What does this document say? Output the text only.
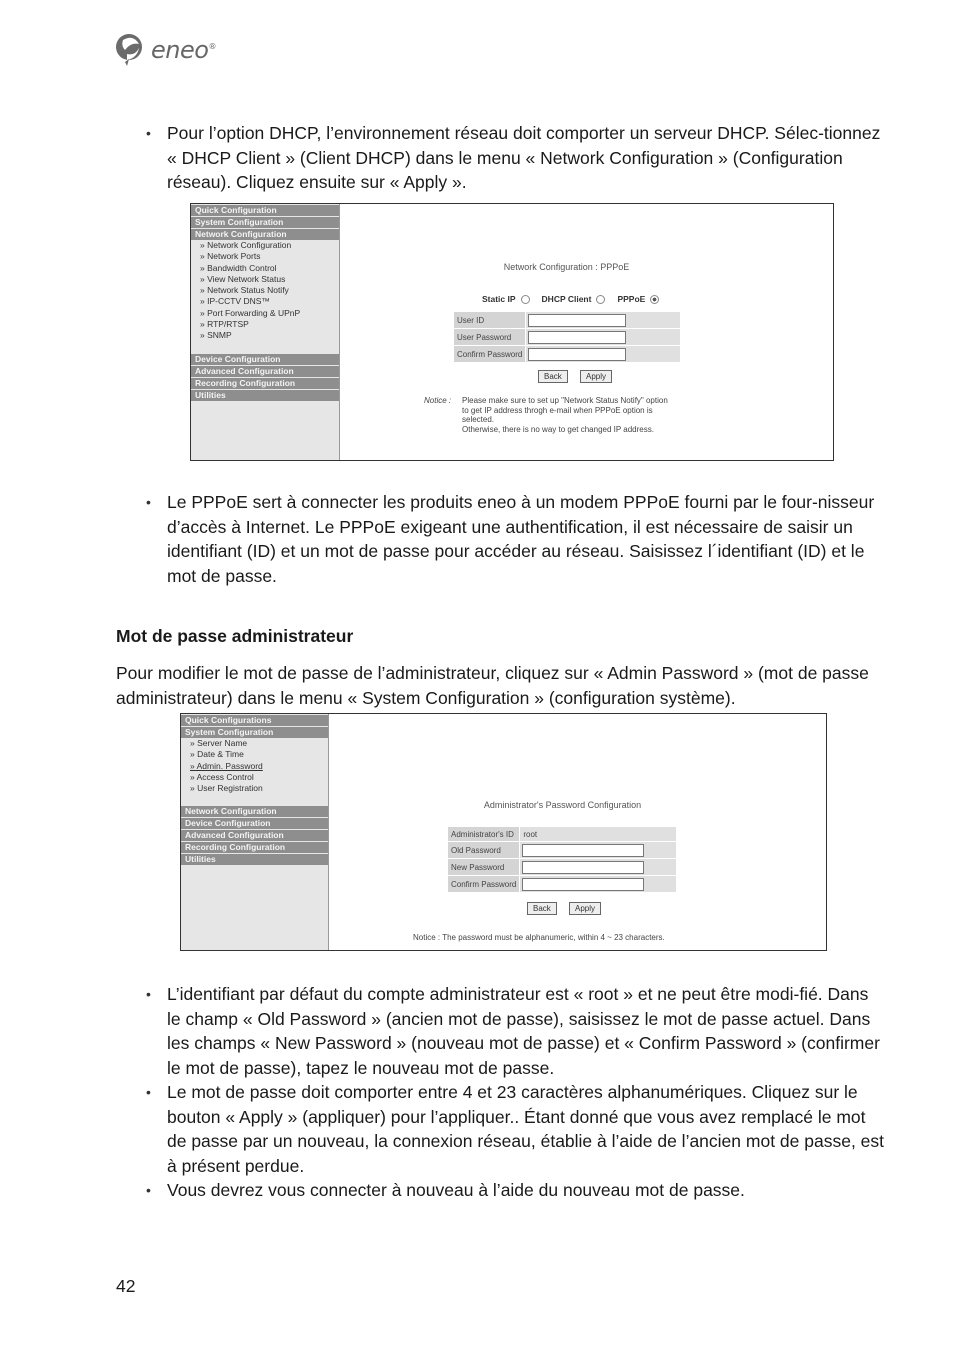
eneo®
• Pour l’option DHCP, l’environnement réseau doit comporter un serveur DHCP. Sélec-tionnez « DHCP Client » (Client DHCP) dans le menu « Network Configuration » (Configuration réseau). Cliquez ensuite sur « Apply ».
Quick Configuration
System Configuration
Network Configuration
» Network Configuration
» Network Ports
» Bandwidth Control
» View Network Status
» Network Status Notify
» IP-CCTV DNS™
» Port Forwarding & UPnP
» RTP/RTSP
» SNMP
Device Configuration
Advanced Configuration
Recording Configuration
Utilities
Network Configuration : PPPoE
Static IP	DHCP Client	PPPoE
User ID	

User Password	

Confirm Password	
Back	Apply
Notice : Please make sure to set up "Network Status Notify" option
to get IP address throgh e-mail when PPPoE option is
selected.
Otherwise, there is no way to get changed IP address.
• Le PPPoE sert à connecter les produits eneo à un modem PPPoE fourni par le four-nisseur d’accès à Internet. Le PPPoE exigeant une authentification, il est nécessaire de saisir un identifiant (ID) et un mot de passe pour accéder au réseau. Saisissez l´identifiant (ID) et le mot de passe.
Mot de passe administrateur

Pour modifier le mot de passe de l’administrateur, cliquez sur « Admin Password » (mot de passe administrateur) dans le menu « System Configuration » (configuration système).

Quick Configurations
System Configuration
» Server Name
» Date & Time
» Admin. Password
» Access Control
» User Registration
Network Configuration
Device Configuration
Advanced Configuration
Recording Configuration
Utilities
Administrator's Password Configuration
Administrator's ID	root
Old Password	

New Password	

Confirm Password	
Back	Apply
Notice : The password must be alphanumeric, within 4 ~ 23 characters.
• L’identifiant par défaut du compte administrateur est « root » et ne peut être modi-fié. Dans le champ « Old Password » (ancien mot de passe), saisissez le mot de passe actuel. Dans les champs « New Password » (nouveau mot de passe) et « Confirm Password » (confirmer le mot de passe), tapez le nouveau mot de passe.
• Le mot de passe doit comporter entre 4 et 23 caractères alphanumériques. Cliquez sur le bouton « Apply » (appliquer) pour l’appliquer.. Étant donné que vous avez remplacé le mot de passe par un nouveau, la connexion réseau, établie à l’aide de l’ancien mot de passe, est à présent perdue.
• Vous devrez vous connecter à nouveau à l’aide du nouveau mot de passe.
42
